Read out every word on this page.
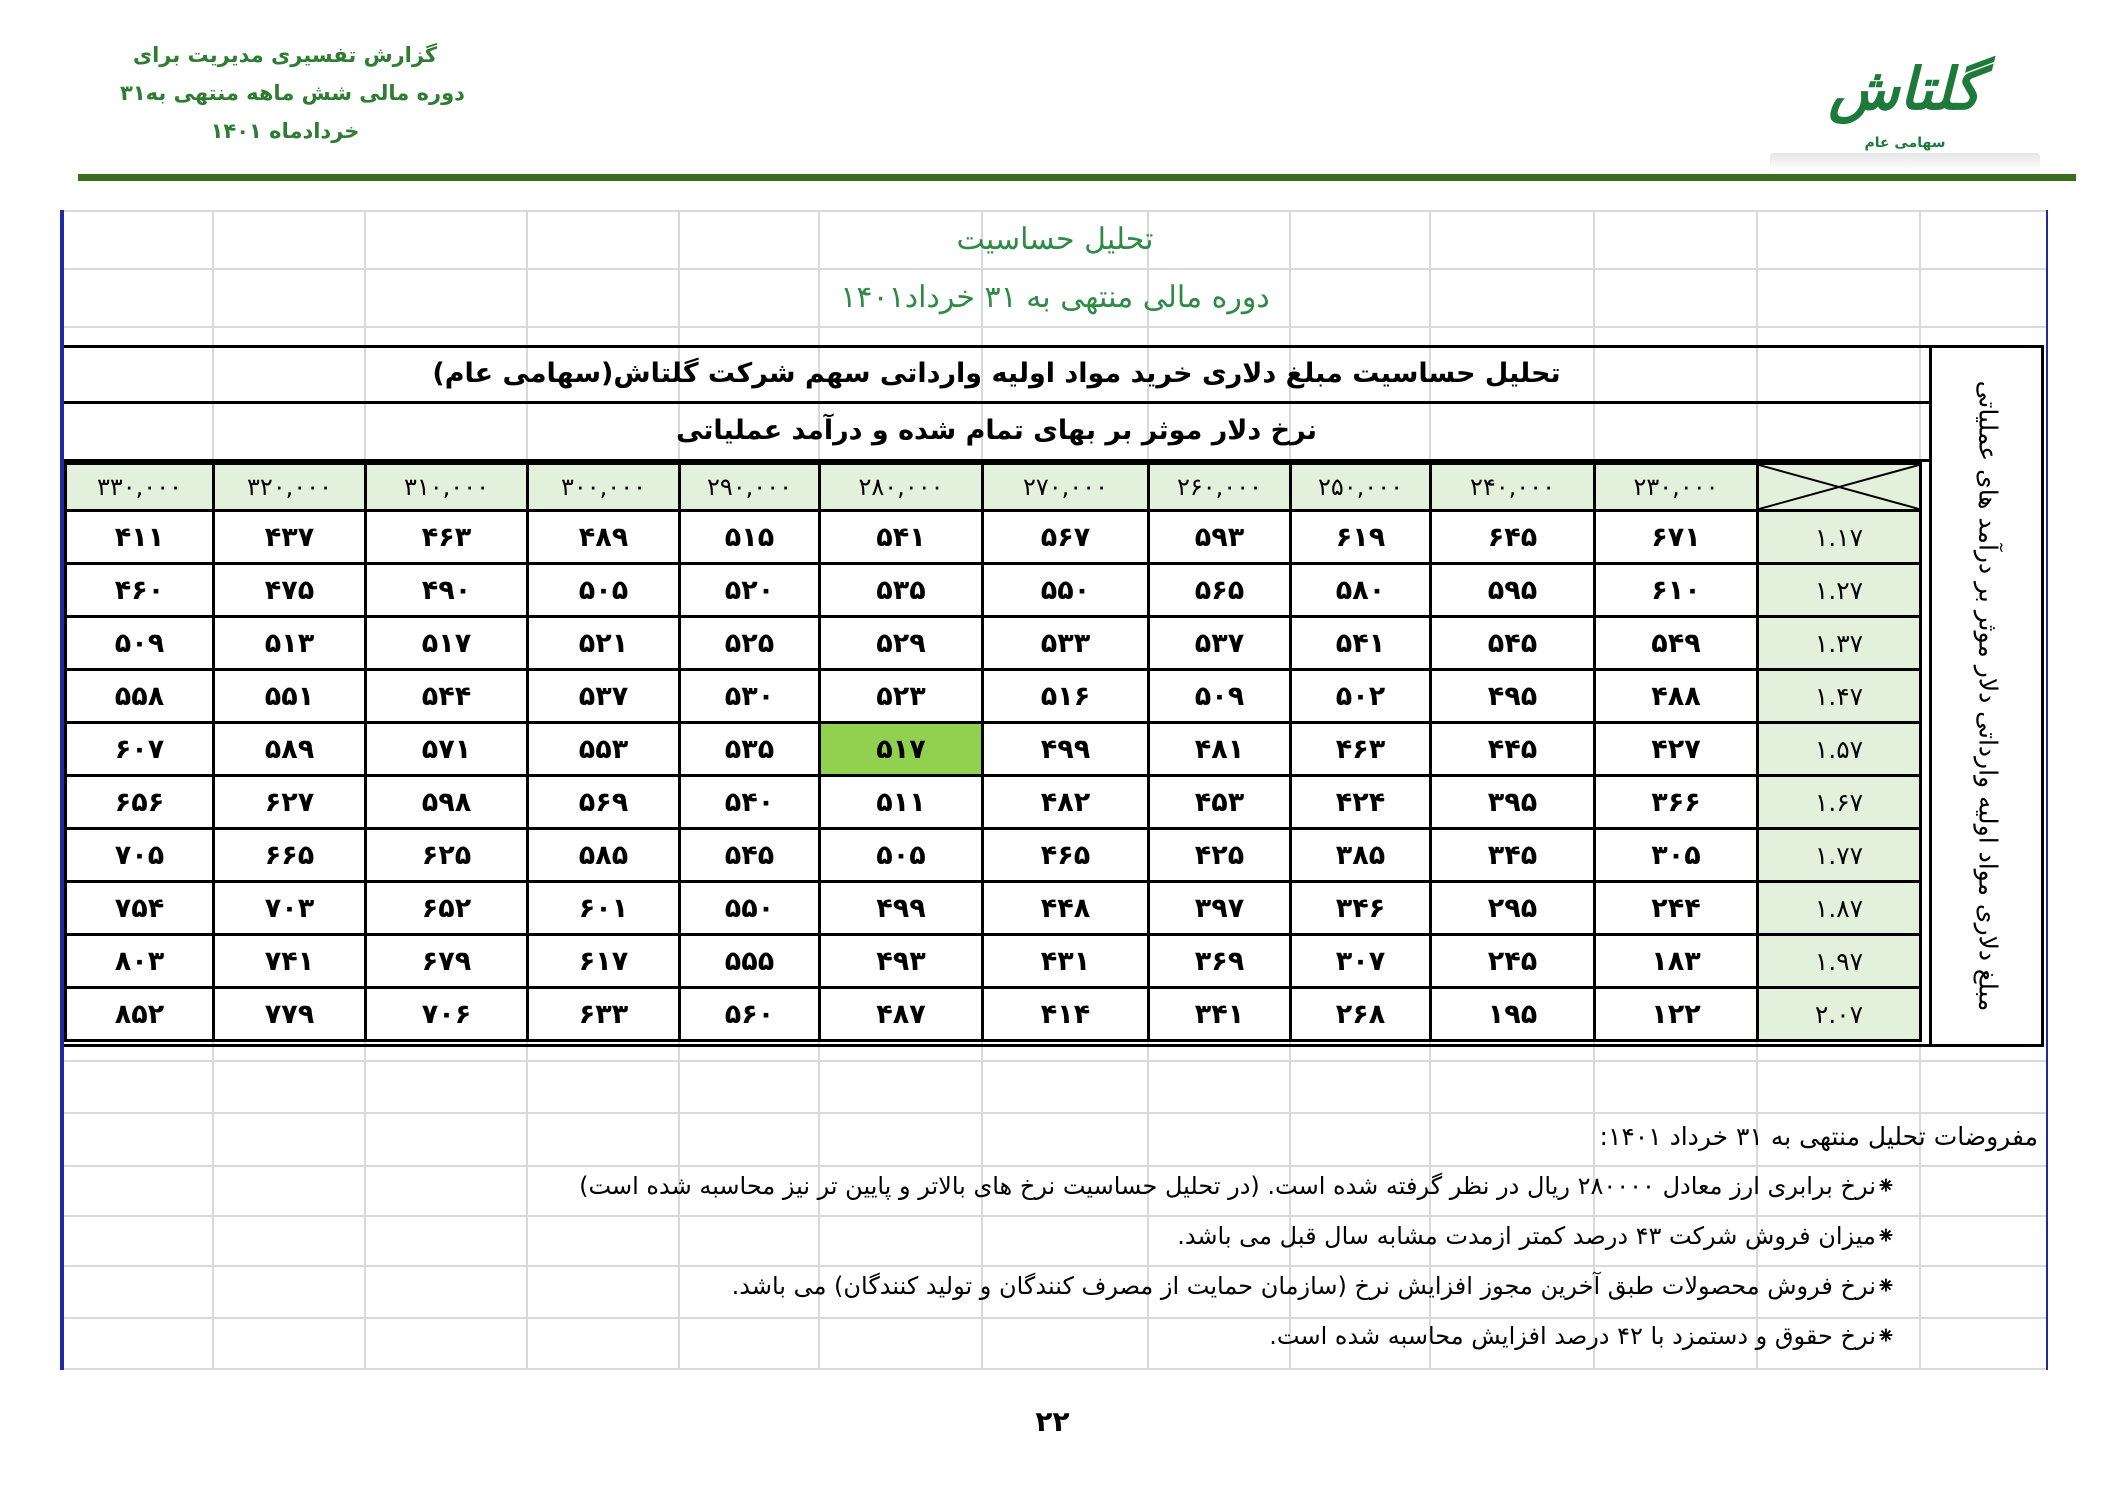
گزارش تفسیری مدیریت برای
دوره مالی شش ماهه منتهی به۳۱
خردادماه ۱۴۰۱
گلتاش
سهامی عام
تحلیل حساسیت
دوره مالی منتهی به ۳۱ خرداد۱۴۰۱
تحلیل حساسیت مبلغ دلاری خرید مواد اولیه وارداتی سهم شرکت گلتاش(سهامی عام)
نرخ دلار موثر بر بهای تمام شده و درآمد عملیاتی	مبلغ دلاری مواد اولیه وارداتی دلار موثر بر درآمد های عملیاتی
۳۳۰,۰۰۰	۳۲۰,۰۰۰	۳۱۰,۰۰۰	۳۰۰,۰۰۰	۲۹۰,۰۰۰	۲۸۰,۰۰۰	۲۷۰,۰۰۰	۲۶۰,۰۰۰	۲۵۰,۰۰۰	۲۴۰,۰۰۰	۲۳۰,۰۰۰	

۴۱۱	۴۳۷	۴۶۳	۴۸۹	۵۱۵	۵۴۱	۵۶۷	۵۹۳	۶۱۹	۶۴۵	۶۷۱	۱.۱۷
۴۶۰	۴۷۵	۴۹۰	۵۰۵	۵۲۰	۵۳۵	۵۵۰	۵۶۵	۵۸۰	۵۹۵	۶۱۰	۱.۲۷
۵۰۹	۵۱۳	۵۱۷	۵۲۱	۵۲۵	۵۲۹	۵۳۳	۵۳۷	۵۴۱	۵۴۵	۵۴۹	۱.۳۷
۵۵۸	۵۵۱	۵۴۴	۵۳۷	۵۳۰	۵۲۳	۵۱۶	۵۰۹	۵۰۲	۴۹۵	۴۸۸	۱.۴۷
۶۰۷	۵۸۹	۵۷۱	۵۵۳	۵۳۵	۵۱۷	۴۹۹	۴۸۱	۴۶۳	۴۴۵	۴۲۷	۱.۵۷
۶۵۶	۶۲۷	۵۹۸	۵۶۹	۵۴۰	۵۱۱	۴۸۲	۴۵۳	۴۲۴	۳۹۵	۳۶۶	۱.۶۷
۷۰۵	۶۶۵	۶۲۵	۵۸۵	۵۴۵	۵۰۵	۴۶۵	۴۲۵	۳۸۵	۳۴۵	۳۰۵	۱.۷۷
۷۵۴	۷۰۳	۶۵۲	۶۰۱	۵۵۰	۴۹۹	۴۴۸	۳۹۷	۳۴۶	۲۹۵	۲۴۴	۱.۸۷
۸۰۳	۷۴۱	۶۷۹	۶۱۷	۵۵۵	۴۹۳	۴۳۱	۳۶۹	۳۰۷	۲۴۵	۱۸۳	۱.۹۷
۸۵۲	۷۷۹	۷۰۶	۶۳۳	۵۶۰	۴۸۷	۴۱۴	۳۴۱	۲۶۸	۱۹۵	۱۲۲	۲.۰۷
مفروضات تحلیل منتهی به ۳۱ خرداد ۱۴۰۱:
⁕نرخ برابری ارز معادل ۲۸۰۰۰۰ ریال در نظر گرفته شده است. (در تحلیل حساسیت نرخ های بالاتر و پایین تر نیز محاسبه شده است)
⁕میزان فروش شرکت ۴۳ درصد کمتر ازمدت مشابه سال قبل می باشد.
⁕نرخ فروش محصولات طبق آخرین مجوز افزایش نرخ (سازمان حمایت از مصرف کنندگان و تولید کنندگان) می باشد.
⁕نرخ حقوق و دستمزد با ۴۲ درصد افزایش محاسبه شده است.
۲۲
